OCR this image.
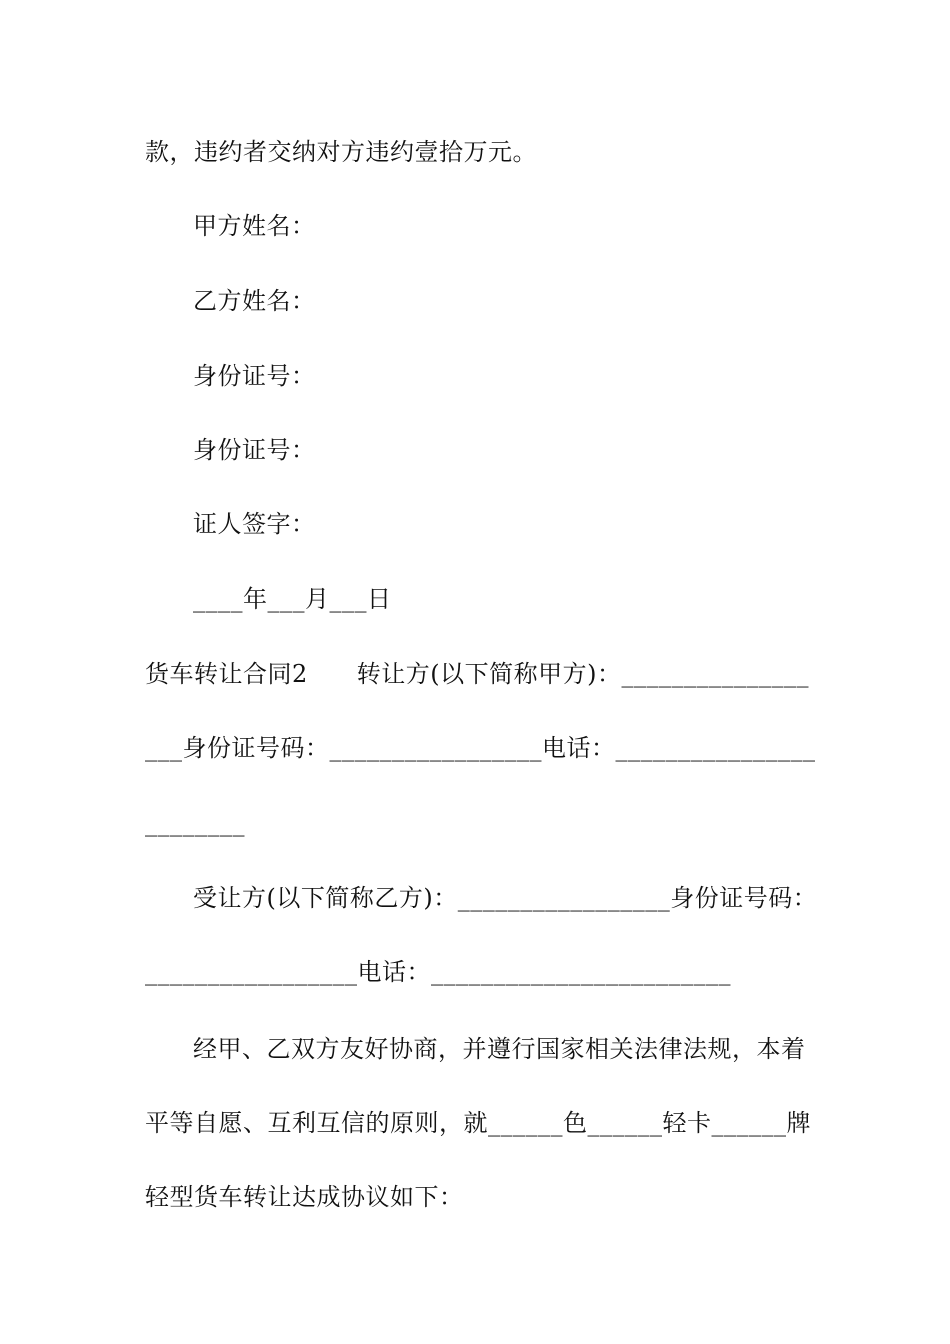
款，违约者交纳对方违约壹拾万元。
甲方姓名：
乙方姓名：
身份证号：
身份证号：
证人签字：
____年___月___日
货车转让合同2　　转让方(以下简称甲方)：_______________
___身份证号码：_________________电话：________________
________
受让方(以下简称乙方)：_________________身份证号码：
_________________电话：________________________
经甲、乙双方友好协商，并遵行国家相关法律法规，本着
平等自愿、互利互信的原则，就______色______轻卡______牌
轻型货车转让达成协议如下：
